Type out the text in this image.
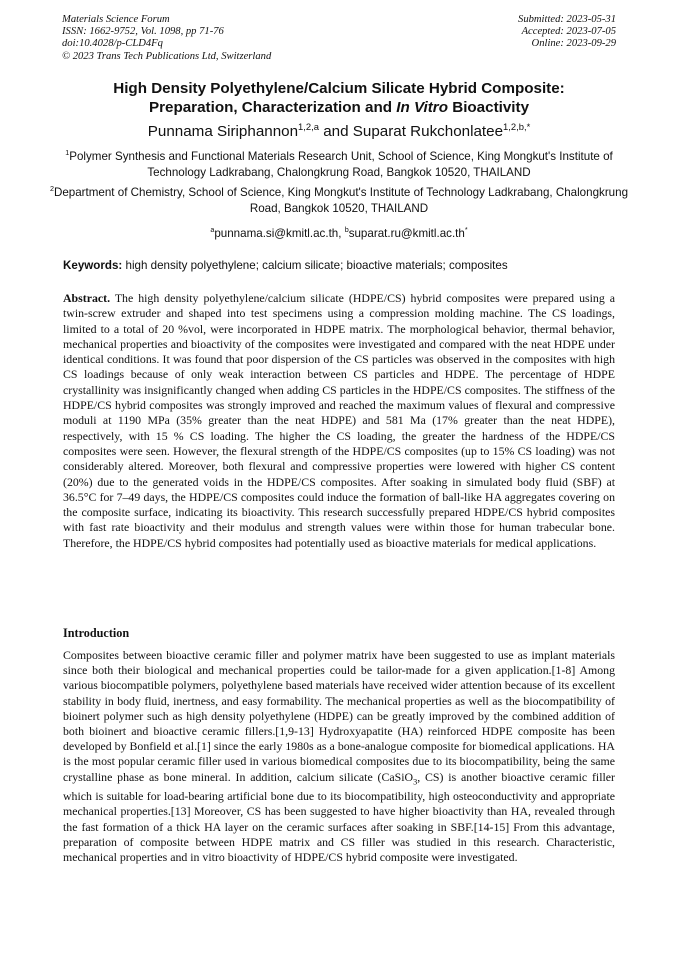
Materials Science Forum
ISSN: 1662-9752, Vol. 1098, pp 71-76
doi:10.4028/p-CLD4Fq
© 2023 Trans Tech Publications Ltd, Switzerland
Submitted: 2023-05-31
Accepted: 2023-07-05
Online: 2023-09-29
High Density Polyethylene/Calcium Silicate Hybrid Composite:
Preparation, Characterization and In Vitro Bioactivity
Punnama Siriphannon$^{1,2,a}$ and Suparat Rukchonlatee$^{1,2,b,*}$
$^1$Polymer Synthesis and Functional Materials Research Unit, School of Science, King Mongkut's Institute of Technology Ladkrabang, Chalongkrung Road, Bangkok 10520, THAILAND
$^2$Department of Chemistry, School of Science, King Mongkut's Institute of Technology Ladkrabang, Chalongkrung Road, Bangkok 10520, THAILAND
$^a$punnama.si@kmitl.ac.th, $^b$suparat.ru@kmitl.ac.th*
Keywords: high density polyethylene; calcium silicate; bioactive materials; composites
Abstract. The high density polyethylene/calcium silicate (HDPE/CS) hybrid composites were prepared using a twin-screw extruder and shaped into test specimens using a compression molding machine. The CS loadings, limited to a total of 20 %vol, were incorporated in HDPE matrix. The morphological behavior, thermal behavior, mechanical properties and bioactivity of the composites were investigated and compared with the neat HDPE under identical conditions. It was found that poor dispersion of the CS particles was observed in the composites with high CS loadings because of only weak interaction between CS particles and HDPE. The percentage of HDPE crystallinity was insignificantly changed when adding CS particles in the HDPE/CS composites. The stiffness of the HDPE/CS hybrid composites was strongly improved and reached the maximum values of flexural and compressive moduli at 1190 MPa (35% greater than the neat HDPE) and 581 Ma (17% greater than the neat HDPE), respectively, with 15 % CS loading. The higher the CS loading, the greater the hardness of the HDPE/CS composites were seen. However, the flexural strength of the HDPE/CS composites (up to 15% CS loading) was not considerably altered. Moreover, both flexural and compressive properties were lowered with higher CS content (20%) due to the generated voids in the HDPE/CS composites. After soaking in simulated body fluid (SBF) at 36.5°C for 7–49 days, the HDPE/CS composites could induce the formation of ball-like HA aggregates covering on the composite surface, indicating its bioactivity. This research successfully prepared HDPE/CS hybrid composites with fast rate bioactivity and their modulus and strength values were within those for human trabecular bone. Therefore, the HDPE/CS hybrid composites had potentially used as bioactive materials for medical applications.
Introduction
Composites between bioactive ceramic filler and polymer matrix have been suggested to use as implant materials since both their biological and mechanical properties could be tailor-made for a given application.[1-8] Among various biocompatible polymers, polyethylene based materials have received wider attention because of its excellent stability in body fluid, inertness, and easy formability. The mechanical properties as well as the biocompatibility of bioinert polymer such as high density polyethylene (HDPE) can be greatly improved by the combined addition of both bioinert and bioactive ceramic fillers.[1,9-13] Hydroxyapatite (HA) reinforced HDPE composite has been developed by Bonfield et al.[1] since the early 1980s as a bone-analogue composite for biomedical applications. HA is the most popular ceramic filler used in various biomedical composites due to its biocompatibility, being the same crystalline phase as bone mineral. In addition, calcium silicate (CaSiO$_3$, CS) is another bioactive ceramic filler which is suitable for load-bearing artificial bone due to its biocompatibility, high osteoconductivity and appropriate mechanical properties.[13] Moreover, CS has been suggested to have higher bioactivity than HA, revealed through the fast formation of a thick HA layer on the ceramic surfaces after soaking in SBF.[14-15] From this advantage, preparation of composite between HDPE matrix and CS filler was studied in this research. Characteristic, mechanical properties and in vitro bioactivity of HDPE/CS hybrid composite were investigated.
